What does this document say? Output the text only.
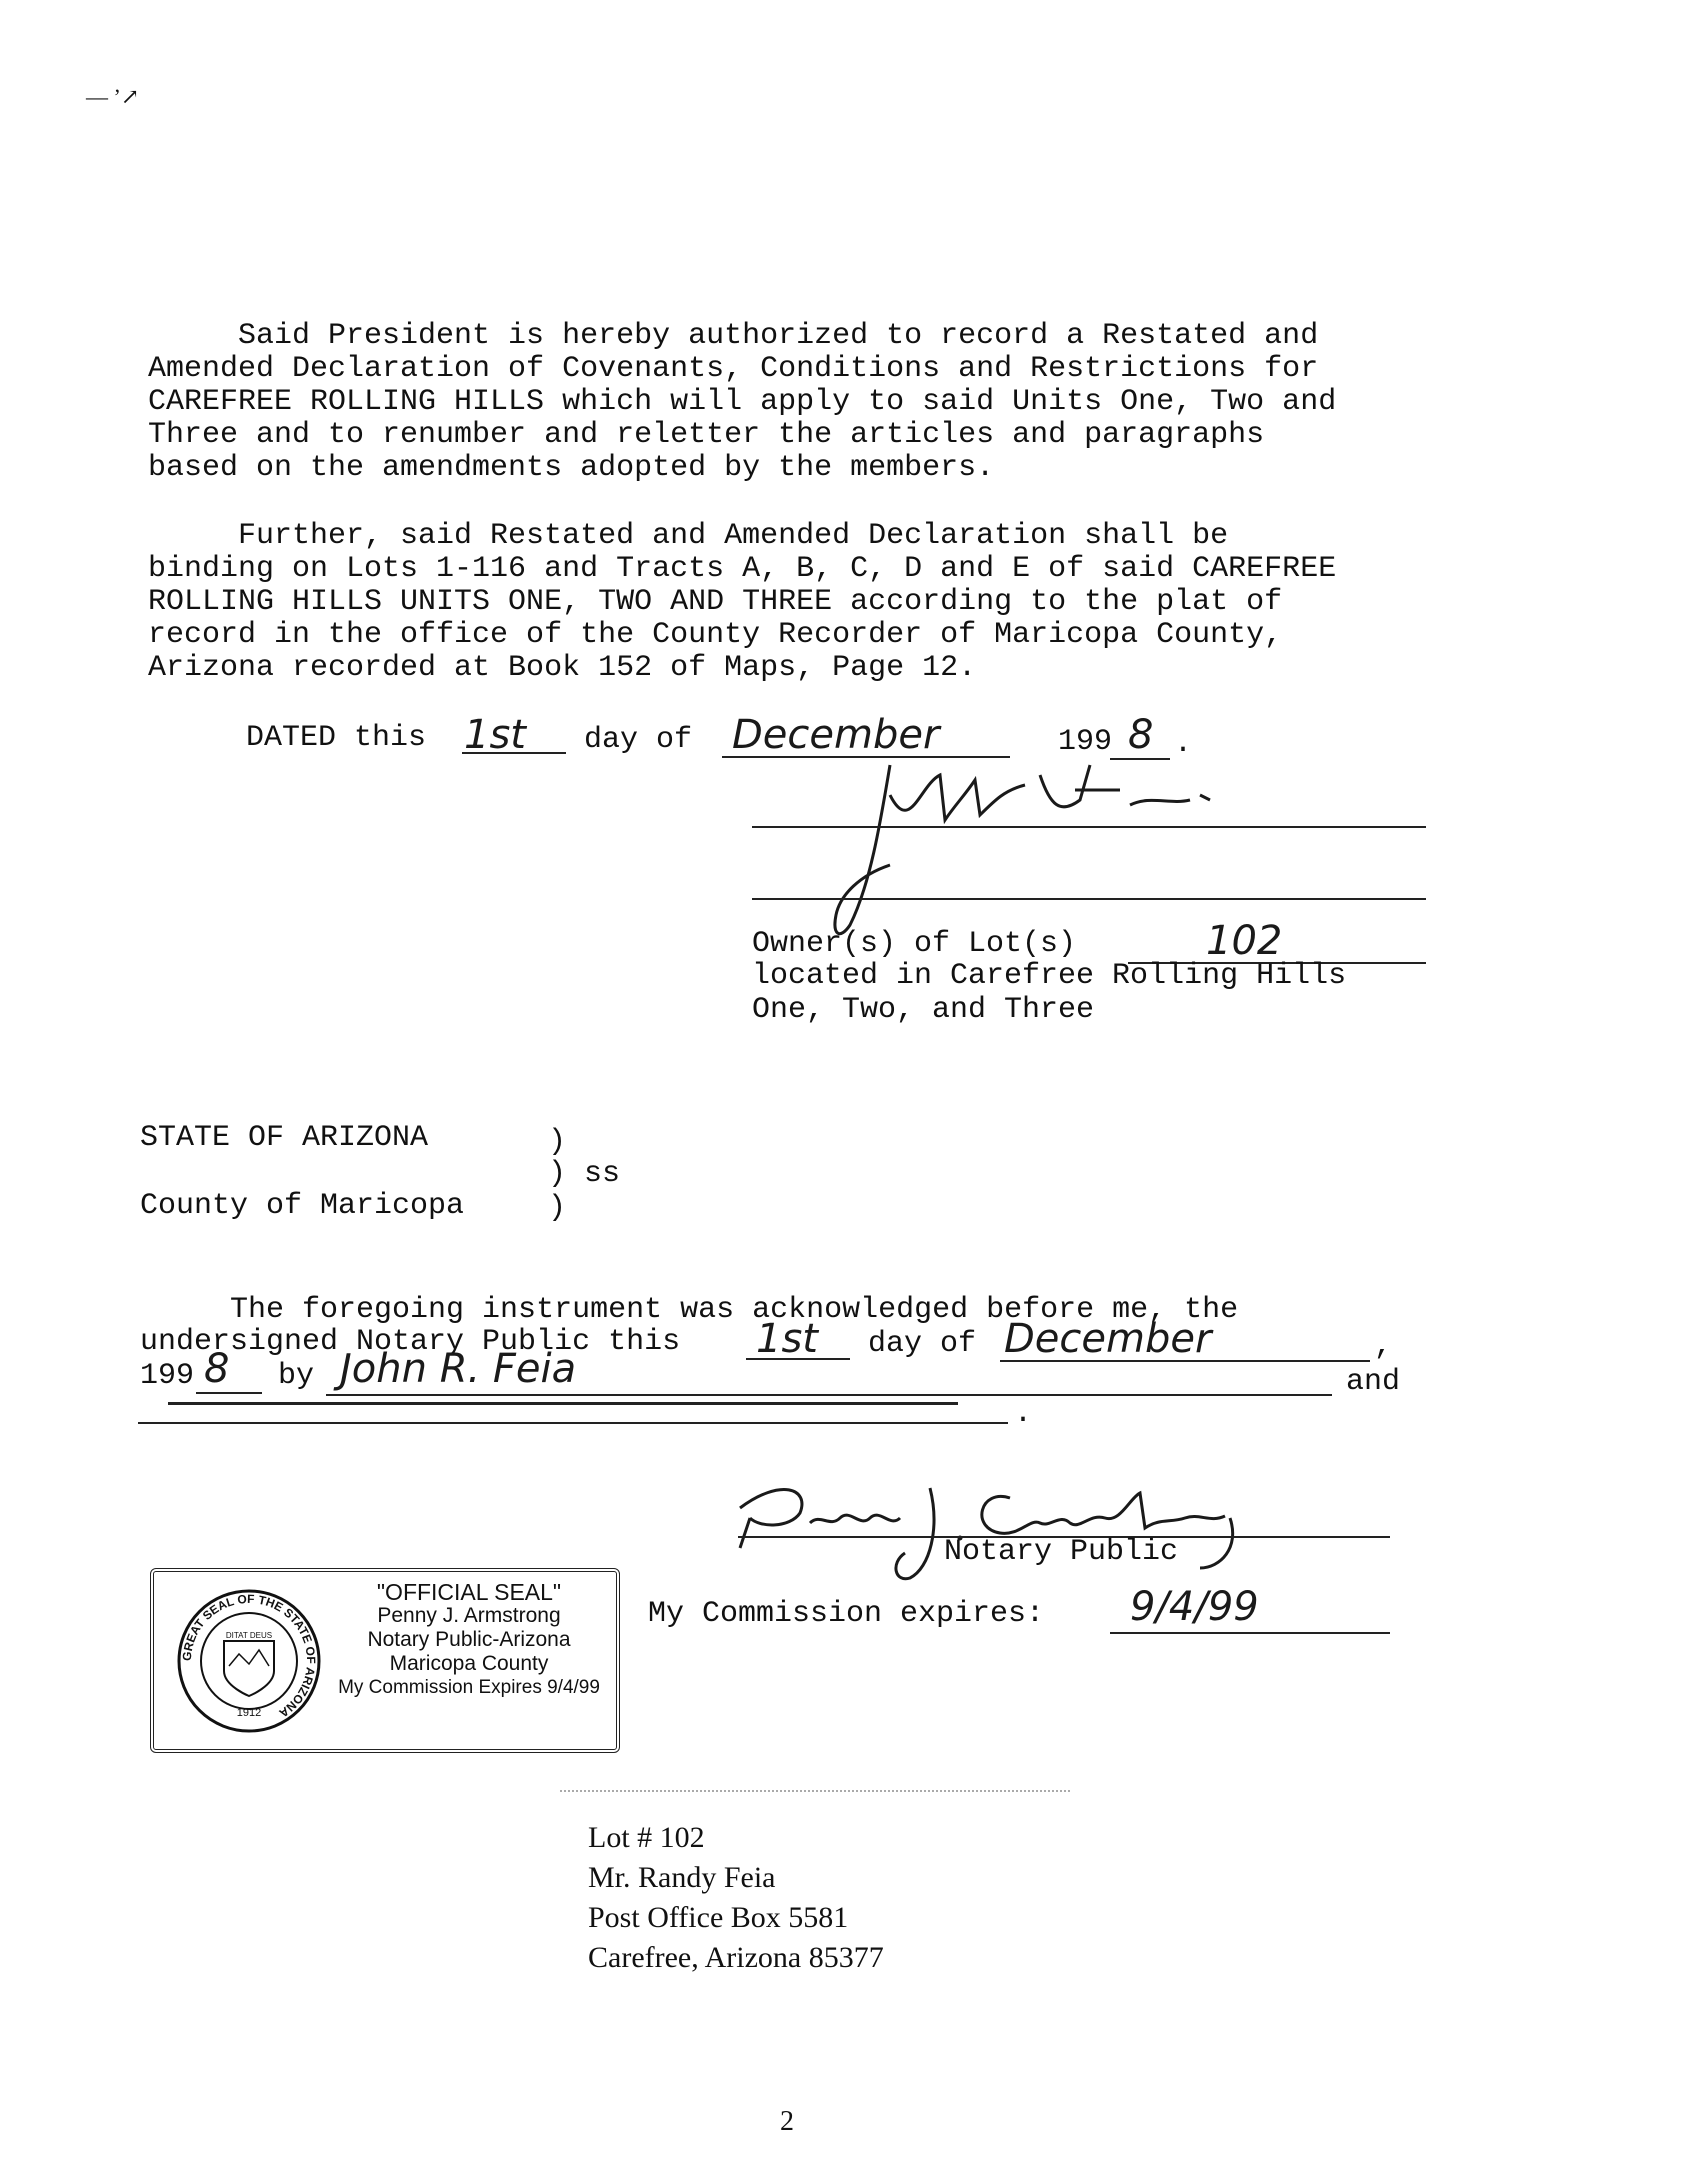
— ’↗
Said President is hereby authorized to record a Restated and
Amended Declaration of Covenants, Conditions and Restrictions for
CAREFREE ROLLING HILLS which will apply to said Units One, Two and
Three and to renumber and reletter the articles and paragraphs
based on the amendments adopted by the members.
Further, said Restated and Amended Declaration shall be
binding on Lots 1-116 and Tracts A, B, C, D and E of said CAREFREE
ROLLING HILLS UNITS ONE, TWO AND THREE according to the plat of
record in the office of the County Recorder of Maricopa County,
Arizona recorded at Book 152 of Maps, Page 12.
DATED this 1st day of December	199 8 .
Owner(s) of Lot(s)	102
located in Carefree Rolling Hills
One, Two, and Three
STATE OF ARIZONA	)
) ss
County of Maricopa	)
The foregoing instrument was acknowledged before me, the
undersigned Notary Public this 1st day of December	,
199 8 by John R. Feia	and
.
Notary Public
My Commission expires: 9/4/99
GREAT SEAL OF THE STATE OF ARIZONA
DITAT DEUS
1912
"OFFICIAL SEAL"
Penny J. Armstrong
Notary Public-Arizona
Maricopa County
My Commission Expires 9/4/99
Lot # 102
Mr. Randy Feia
Post Office Box 5581
Carefree, Arizona 85377
2
